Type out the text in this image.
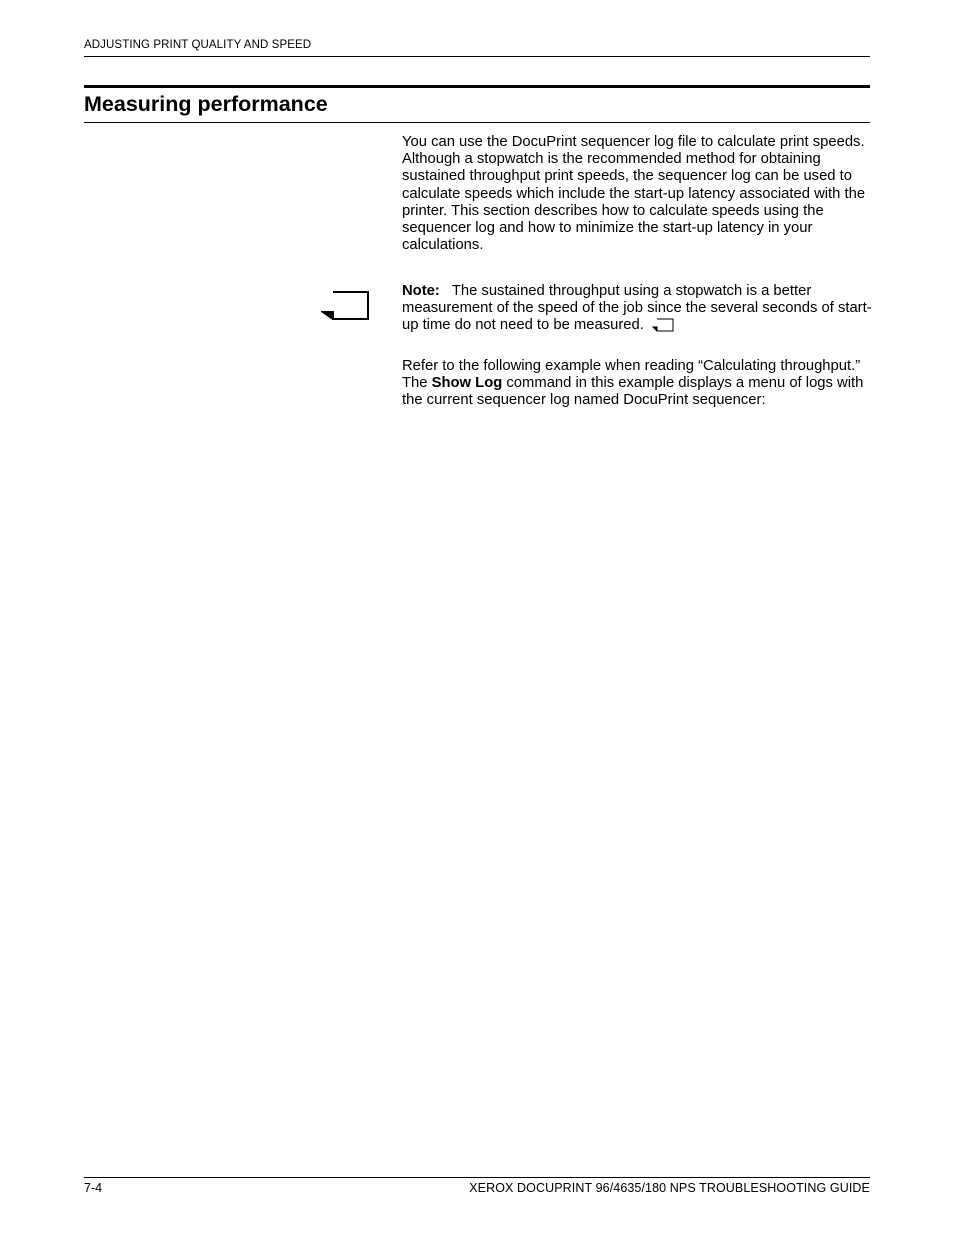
ADJUSTING PRINT QUALITY AND SPEED
Measuring performance

You can use the DocuPrint sequencer log file to calculate print speeds. Although a stopwatch is the recommended method for obtaining sustained throughput print speeds, the sequencer log can be used to calculate speeds which include the start-up latency associated with the printer. This section describes how to calculate speeds using the sequencer log and how to minimize the start-up latency in your calculations.

Note: The sustained throughput using a stopwatch is a better measurement of the speed of the job since the several seconds of start-up time do not need to be measured.

Refer to the following example when reading “Calculating throughput.” The Show Log command in this example displays a menu of logs with the current sequencer log named DocuPrint sequencer:

7-4	XEROX DOCUPRINT 96/4635/180 NPS TROUBLESHOOTING GUIDE
